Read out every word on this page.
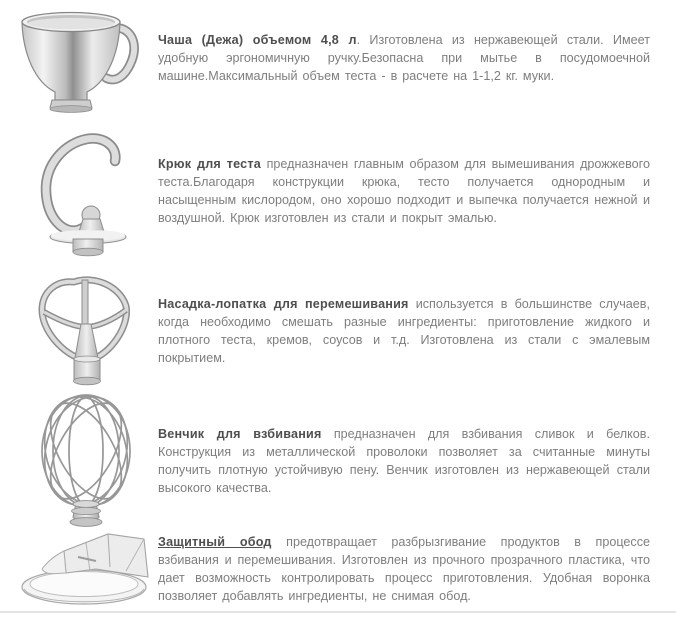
Чаша (Дежа) объемом 4,8 л. Изготовлена из нержавеющей стали. Имеет удобную эргономичную ручку.Безопасна при мытье в посудомоечной машине.Максимальный объем теста - в расчете на 1-1,2 кг. муки.

Крюк для теста предназначен главным образом для вымешивания дрожжевого теста.Благодаря конструкции крюка, тесто получается однородным и насыщенным кислородом, оно хорошо подходит и выпечка получается нежной и воздушной. Крюк изготовлен из стали и покрыт эмалью.

Насадка-лопатка для перемешивания используется в большинстве случаев, когда необходимо смешать разные ингредиенты: приготовление жидкого и плотного теста, кремов, соусов и т.д. Изготовлена из стали с эмалевым покрытием.

Венчик для взбивания предназначен для взбивания сливок и белков. Конструкция из металлической проволоки позволяет за считанные минуты получить плотную устойчивую пену. Венчик изготовлен из нержавеющей стали высокого качества.

Защитный обод предотвращает разбрызгивание продуктов в процессе взбивания и перемешивания. Изготовлен из прочного прозрачного пластика, что дает возможность контролировать процесс приготовления. Удобная воронка позволяет добавлять ингредиенты, не снимая обод.
